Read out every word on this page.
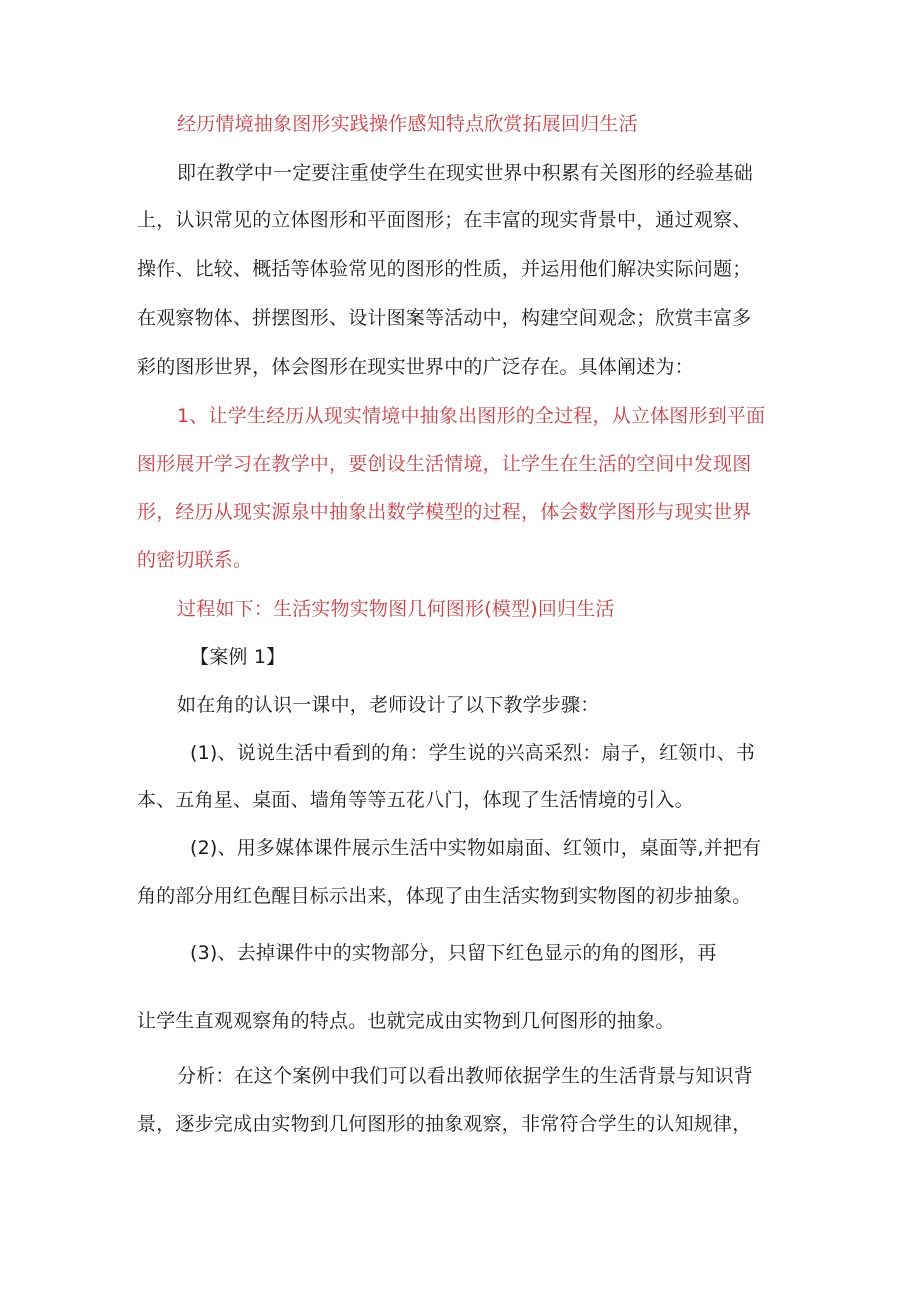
经历情境抽象图形实践操作感知特点欣赏拓展回归生活
即在教学中一定要注重使学生在现实世界中积累有关图形的经验基础
上，认识常见的立体图形和平面图形；在丰富的现实背景中，通过观察、
操作、比较、概括等体验常见的图形的性质，并运用他们解决实际问题；
在观察物体、拼摆图形、设计图案等活动中，构建空间观念；欣赏丰富多
彩的图形世界，体会图形在现实世界中的广泛存在。具体阐述为：
1、让学生经历从现实情境中抽象出图形的全过程，从立体图形到平面
图形展开学习在教学中，要创设生活情境，让学生在生活的空间中发现图
形，经历从现实源泉中抽象出数学模型的过程，体会数学图形与现实世界
的密切联系。
过程如下：生活实物实物图几何图形(模型)回归生活
【案例 1】
如在角的认识一课中，老师设计了以下教学步骤：
(1)、说说生活中看到的角：学生说的兴高采烈：扇子，红领巾、书
本、五角星、桌面、墙角等等五花八门，体现了生活情境的引入。
(2)、用多媒体课件展示生活中实物如扇面、红领巾，桌面等,并把有
角的部分用红色醒目标示出来，体现了由生活实物到实物图的初步抽象。
(3)、去掉课件中的实物部分，只留下红色显示的角的图形，再
让学生直观观察角的特点。也就完成由实物到几何图形的抽象。
分析：在这个案例中我们可以看出教师依据学生的生活背景与知识背
景，逐步完成由实物到几何图形的抽象观察，非常符合学生的认知规律，
